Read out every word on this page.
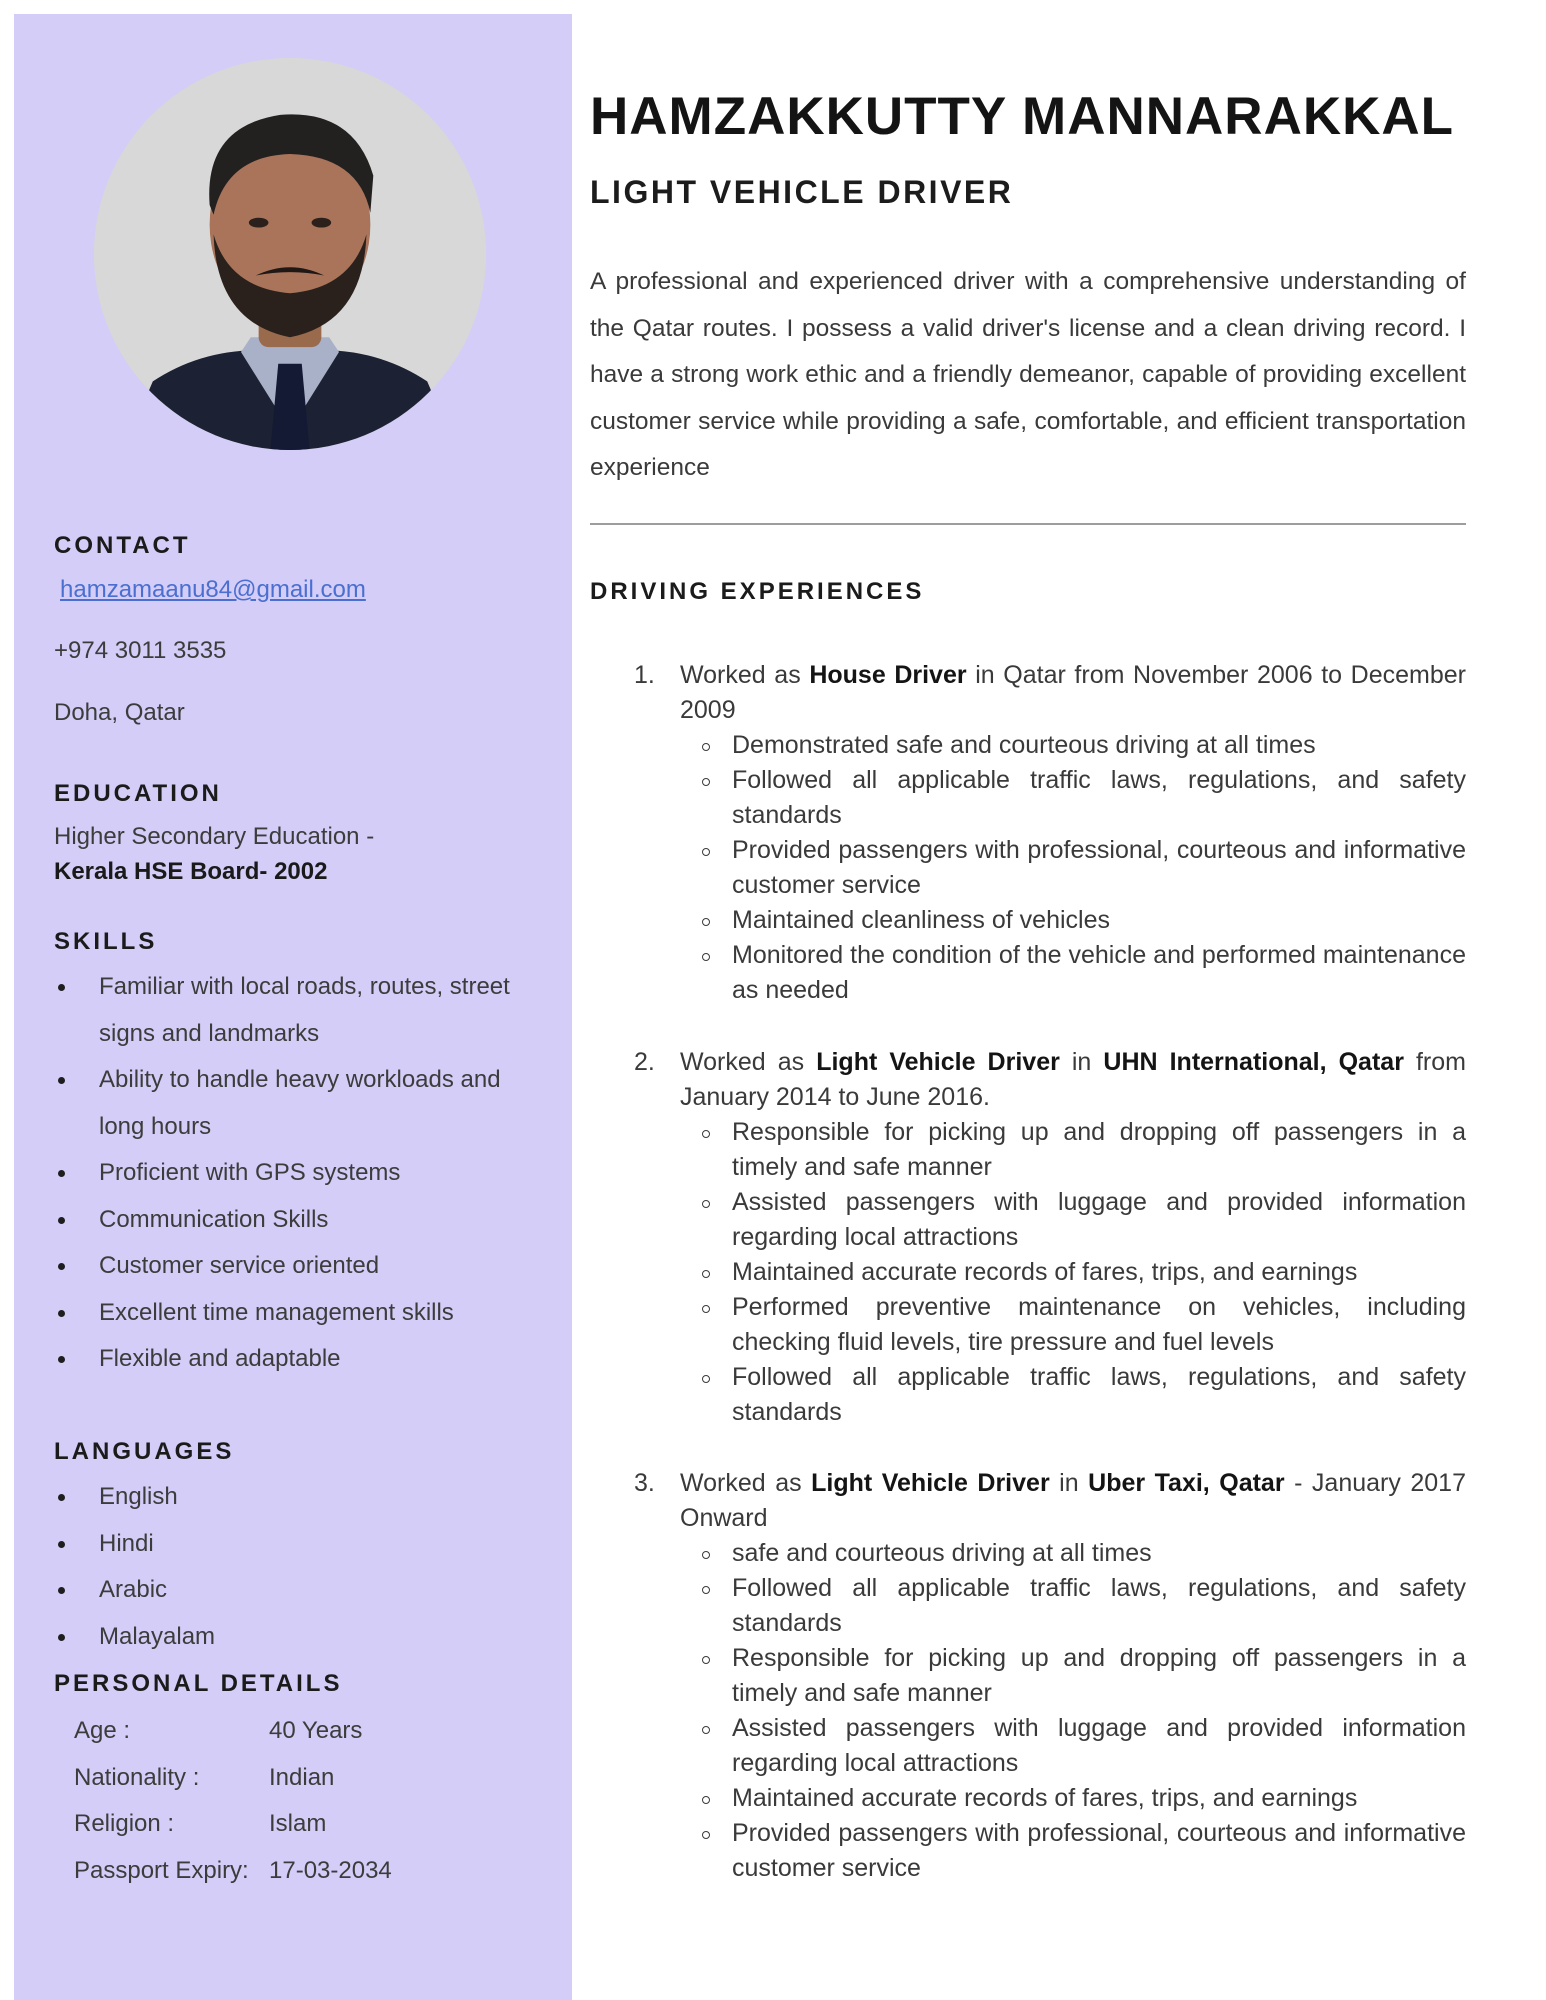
CONTACT
hamzamaanu84@gmail.com
+974 3011 3535
Doha, Qatar
EDUCATION
Higher Secondary Education -
Kerala HSE Board- 2002
SKILLS
Familiar with local roads, routes, street signs and landmarks
Ability to handle heavy workloads and long hours
Proficient with GPS systems
Communication Skills
Customer service oriented
Excellent time management skills
Flexible and adaptable
LANGUAGES
English
Hindi
Arabic
Malayalam
PERSONAL DETAILS
Age :	40 Years
Nationality :	Indian
Religion :	Islam
Passport Expiry: 17-03-2034
HAMZAKKUTTY MANNARAKKAL
LIGHT VEHICLE DRIVER

A professional and experienced driver with a comprehensive understanding of the Qatar routes. I possess a valid driver's license and a clean driving record. I have a strong work ethic and a friendly demeanor, capable of providing excellent customer service while providing a safe, comfortable, and efficient transportation experience

DRIVING EXPERIENCES
1. Worked as House Driver in Qatar from November 2006 to December 2009
Demonstrated safe and courteous driving at all times
Followed all applicable traffic laws, regulations, and safety standards
Provided passengers with professional, courteous and informative customer service
Maintained cleanliness of vehicles
Monitored the condition of the vehicle and performed maintenance as needed
2. Worked as Light Vehicle Driver in UHN International, Qatar from January 2014 to June 2016.
Responsible for picking up and dropping off passengers in a timely and safe manner
Assisted passengers with luggage and provided information regarding local attractions
Maintained accurate records of fares, trips, and earnings
Performed preventive maintenance on vehicles, including checking fluid levels, tire pressure and fuel levels
Followed all applicable traffic laws, regulations, and safety standards
3. Worked as Light Vehicle Driver in Uber Taxi, Qatar - January 2017 Onward
safe and courteous driving at all times
Followed all applicable traffic laws, regulations, and safety standards
Responsible for picking up and dropping off passengers in a timely and safe manner
Assisted passengers with luggage and provided information regarding local attractions
Maintained accurate records of fares, trips, and earnings
Provided passengers with professional, courteous and informative customer service
